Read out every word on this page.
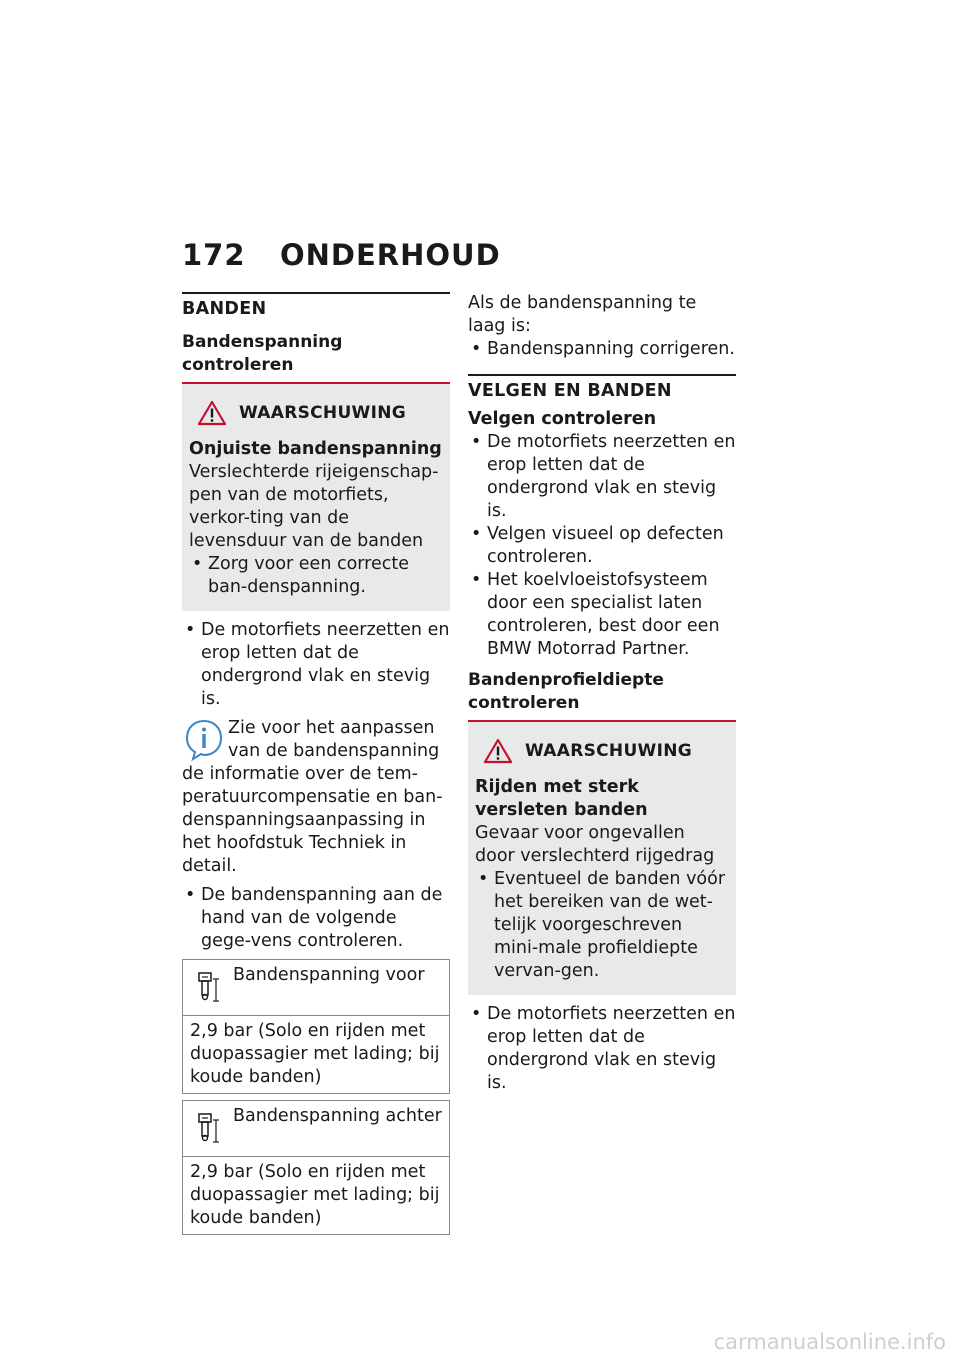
172 ONDERHOUD
BANDEN
Bandenspanning controleren
WAARSCHUWING
Onjuiste bandenspanning
Verslechterde rijeigenschap-pen van de motorfiets, verkor-ting van de levensduur van de banden
• Zorg voor een correcte ban-denspanning.
• De motorfiets neerzetten en erop letten dat de ondergrond vlak en stevig is.
Zie voor het aanpassen van de bandenspanning de informatie over de tem-peratuurcompensatie en ban-denspanningsaanpassing in het hoofdstuk Techniek in detail.
• De bandenspanning aan de hand van de volgende gege-vens controleren.
Bandenspanning voor
2,9 bar (Solo en rijden met duopassagier met lading; bij koude banden)
Bandenspanning achter
2,9 bar (Solo en rijden met duopassagier met lading; bij koude banden)
Als de bandenspanning te laag is:
• Bandenspanning corrigeren.
VELGEN EN BANDEN
Velgen controleren
• De motorfiets neerzetten en erop letten dat de ondergrond vlak en stevig is.
• Velgen visueel op defecten controleren.
• Het koelvloeistofsysteem door een specialist laten controleren, best door een BMW Motorrad Partner.
Bandenprofieldiepte controleren
WAARSCHUWING
Rijden met sterk versleten banden
Gevaar voor ongevallen door verslechterd rijgedrag
• Eventueel de banden vóór het bereiken van de wet-telijk voorgeschreven mini-male profieldiepte vervan-gen.
• De motorfiets neerzetten en erop letten dat de ondergrond vlak en stevig is.
carmanualsonline.info
